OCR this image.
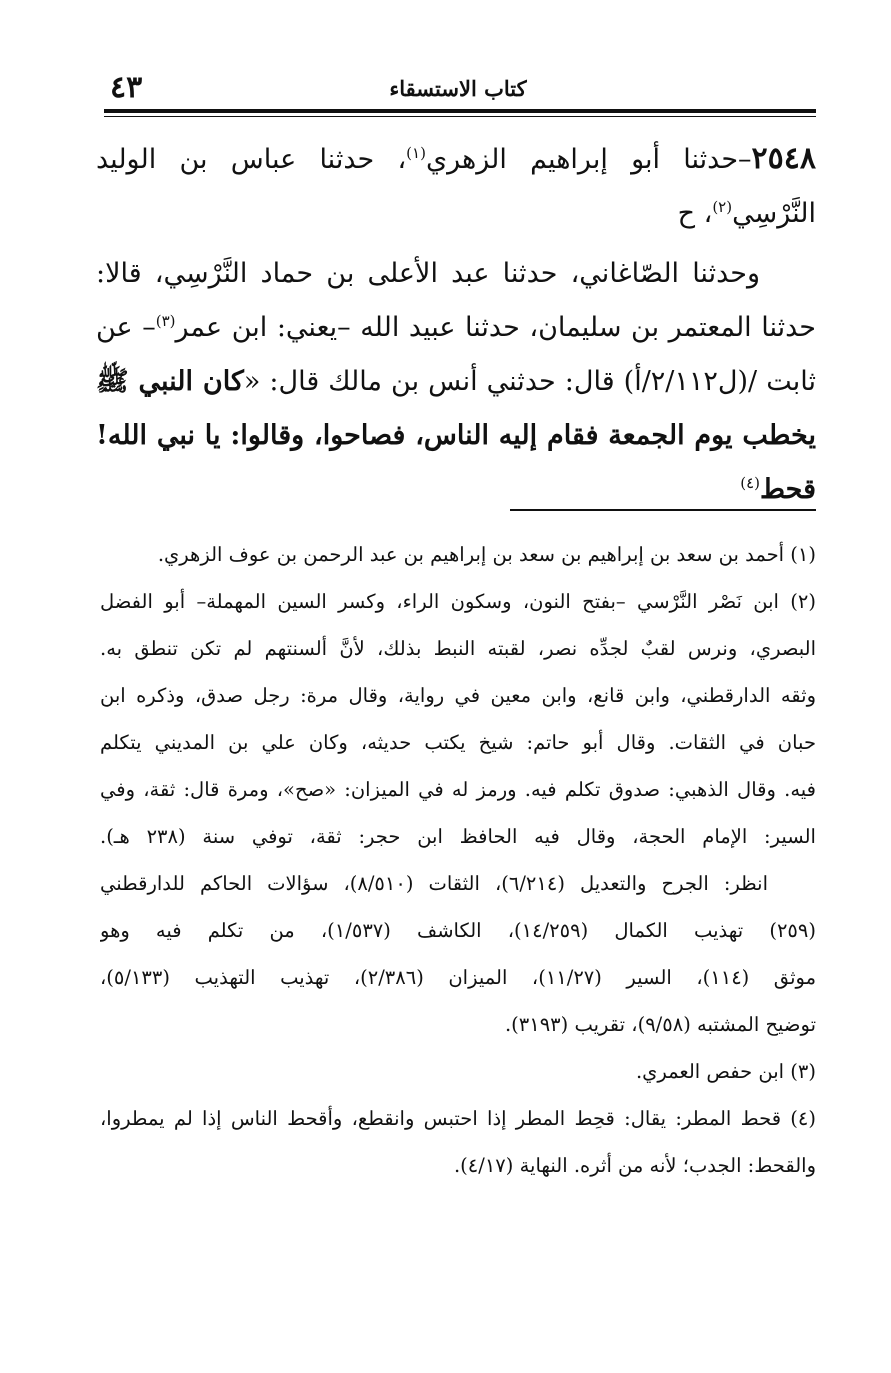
كتاب الاستسقاء
٤٣

٢٥٤٨–حدثنا أبو إبراهيم الزهري$^{(١)}$، حدثنا عباس بن الوليد النَّرْسِي$^{(٢)}$، ح

وحدثنا الصّاغاني، حدثنا عبد الأعلى بن حماد النَّرْسِي، قالا: حدثنا المعتمر بن سليمان، حدثنا عبيد الله –يعني: ابن عمر$^{(٣)}$– عن ثابت /(ل٢/١١٢/أ) قال: حدثني أنس بن مالك قال: «كان النبي ﷺ يخطب يوم الجمعة فقام إليه الناس، فصاحوا، وقالوا: يا نبي الله! قحط$^{(٤)}$

(١) أحمد بن سعد بن إبراهيم بن سعد بن إبراهيم بن عبد الرحمن بن عوف الزهري.
(٢) ابن نَصْر النَّرْسي –بفتح النون، وسكون الراء، وكسر السين المهملة– أبو الفضل
البصري، ونرس لقبٌ لجدِّه نصر، لقبته النبط بذلك، لأنَّ ألسنتهم لم تكن تنطق به.
وثقه الدارقطني، وابن قانع، وابن معين في رواية، وقال مرة: رجل صدق، وذكره ابن
حبان في الثقات. وقال أبو حاتم: شيخ يكتب حديثه، وكان علي بن المديني يتكلم
فيه. وقال الذهبي: صدوق تكلم فيه. ورمز له في الميزان: «صح»، ومرة قال: ثقة، وفي
السير: الإمام الحجة، وقال فيه الحافظ ابن حجر: ثقة، توفي سنة (٢٣٨ هـ).
انظر: الجرح والتعديل (٦/٢١٤)، الثقات (٨/٥١٠)، سؤالات الحاكم للدارقطني
(٢٥٩) تهذيب الكمال (١٤/٢٥٩)، الكاشف (١/٥٣٧)، من تكلم فيه وهو
موثق (١١٤)، السير (١١/٢٧)، الميزان (٢/٣٨٦)، تهذيب التهذيب (٥/١٣٣)،
توضيح المشتبه (٩/٥٨)، تقريب (٣١٩٣).
(٣) ابن حفص العمري.
(٤) قحط المطر: يقال: قحِط المطر إذا احتبس وانقطع، وأقحط الناس إذا لم يمطروا،
والقحط: الجدب؛ لأنه من أثره. النهاية (٤/١٧).
